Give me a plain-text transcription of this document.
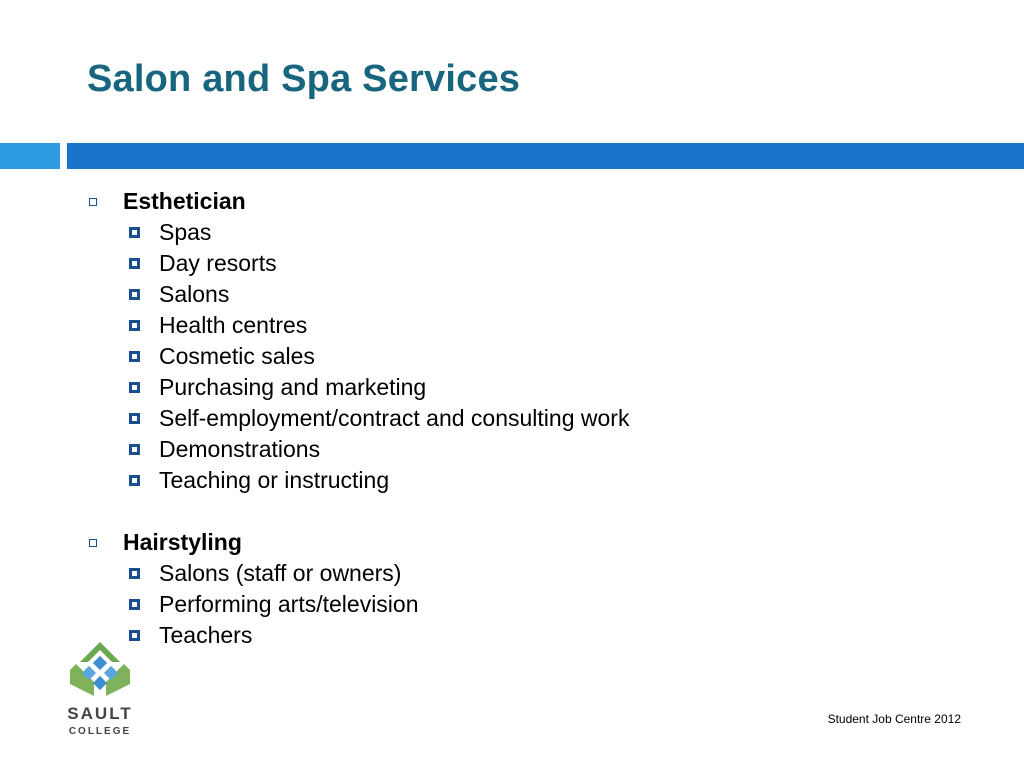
Salon and Spa Services
Esthetician
Spas
Day resorts
Salons
Health centres
Cosmetic sales
Purchasing and marketing
Self-employment/contract and consulting work
Demonstrations
Teaching or instructing
Hairstyling
Salons (staff or owners)
Performing arts/television
Teachers
SAULT
COLLEGE
Student Job Centre 2012
